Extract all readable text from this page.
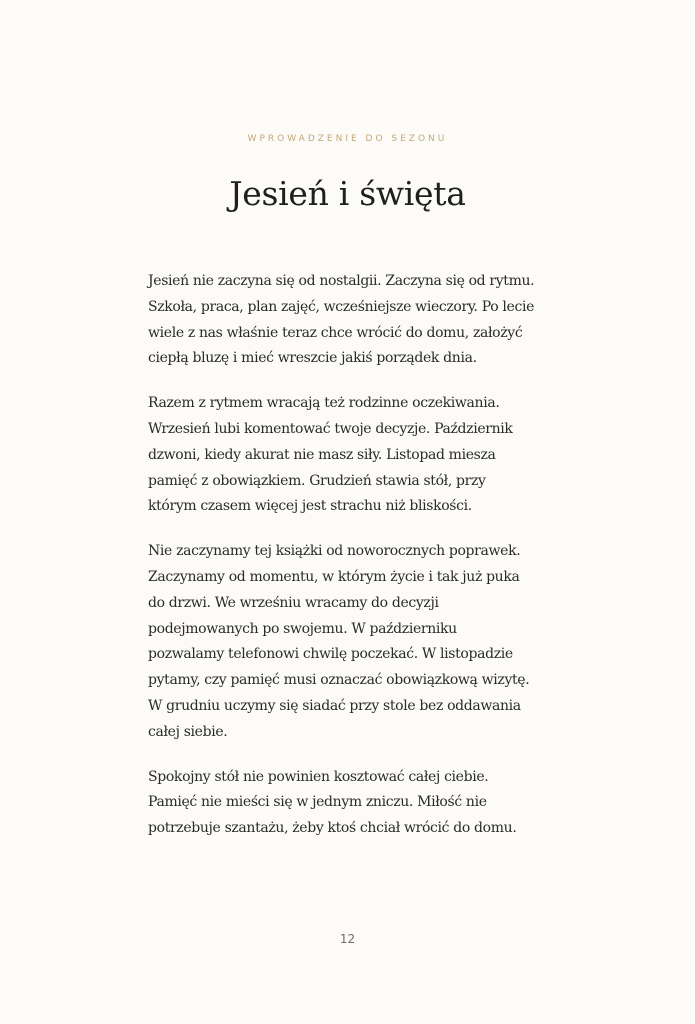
WPROWADZENIE DO SEZONU
Jesień i święta

Jesień nie zaczyna się od nostalgii. Zaczyna się od rytmu.
Szkoła, praca, plan zajęć, wcześniejsze wieczory. Po lecie
wiele z nas właśnie teraz chce wrócić do domu, założyć
ciepłą bluzę i mieć wreszcie jakiś porządek dnia.

Razem z rytmem wracają też rodzinne oczekiwania.
Wrzesień lubi komentować twoje decyzje. Październik
dzwoni, kiedy akurat nie masz siły. Listopad miesza
pamięć z obowiązkiem. Grudzień stawia stół, przy
którym czasem więcej jest strachu niż bliskości.

Nie zaczynamy tej książki od noworocznych poprawek.
Zaczynamy od momentu, w którym życie i tak już puka
do drzwi. We wrześniu wracamy do decyzji
podejmowanych po swojemu. W październiku
pozwalamy telefonowi chwilę poczekać. W listopadzie
pytamy, czy pamięć musi oznaczać obowiązkową wizytę.
W grudniu uczymy się siadać przy stole bez oddawania
całej siebie.

Spokojny stół nie powinien kosztować całej ciebie.
Pamięć nie mieści się w jednym zniczu. Miłość nie
potrzebuje szantażu, żeby ktoś chciał wrócić do domu.

12
